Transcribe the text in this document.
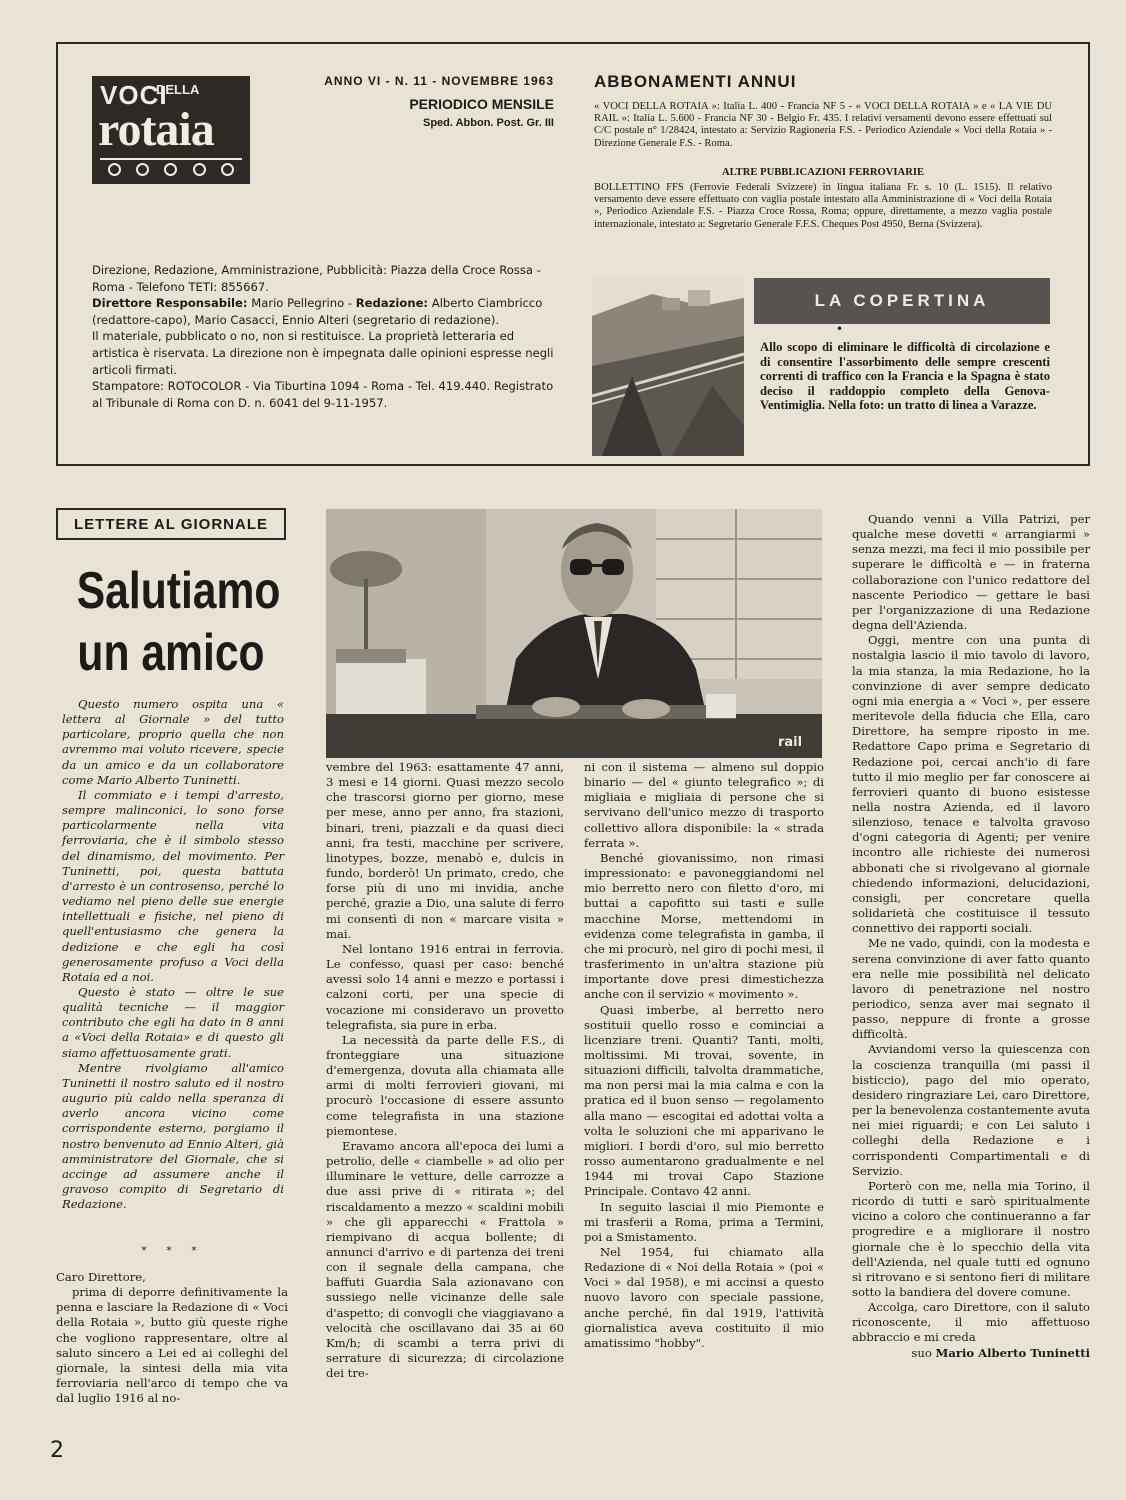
VOCI
DELLA
rotaia
ANNO VI - N. 11 - NOVEMBRE 1963
PERIODICO MENSILE
Sped. Abbon. Post. Gr. III

Direzione, Redazione, Amministrazione, Pubblicità: Piazza della Croce Rossa - Roma - Telefono TETI: 855667.

Direttore Responsabile: Mario Pellegrino - Redazione: Alberto Ciambricco (redattore-capo), Mario Casacci, Ennio Alteri (segretario di redazione).

Il materiale, pubblicato o no, non si restituisce. La proprietà letteraria ed artistica è riservata. La direzione non è impegnata dalle opinioni espresse negli articoli firmati.

Stampatore: ROTOCOLOR - Via Tiburtina 1094 - Roma - Tel. 419.440. Registrato al Tribunale di Roma con D. n. 6041 del 9-11-1957.

ABBONAMENTI ANNUI
« VOCI DELLA ROTAIA »: Italia L. 400 - Francia NF 5 - « VOCI DELLA ROTAIA » e « LA VIE DU RAIL »: Italia L. 5.600 - Francia NF 30 - Belgio Fr. 435. I relativi versamenti devono essere effettuati sul C/C postale n° 1/28424, intestato a: Servizio Ragioneria F.S. - Periodico Aziendale « Voci della Rotaia » - Direzione Generale F.S. - Roma.
ALTRE PUBBLICAZIONI FERROVIARIE
BOLLETTINO FFS (Ferrovie Federali Svizzere) in lingua italiana Fr. s. 10 (L. 1515). Il relativo versamento deve essere effettuato con vaglia postale intestato alla Amministrazione di « Voci della Rotaia », Periodico Aziendale F.S. - Piazza Croce Rossa, Roma; oppure, direttamente, a mezzo vaglia postale internazionale, intestato a: Segretario Generale F.F.S. Cheques Post 4950, Berna (Svizzera).
LA COPERTINA
•
Allo scopo di eliminare le difficoltà di circolazione e di consentire l'assorbimento delle sempre crescenti correnti di traffico con la Francia e la Spagna è stato deciso il raddoppio completo della Genova-Ventimiglia. Nella foto: un tratto di linea a Varazze.
LETTERE AL GIORNALE
Salutiamo
un amico

Questo numero ospita una « lettera al Giornale » del tutto particolare, proprio quella che non avremmo mai voluto ricevere, specie da un amico e da un collaboratore come Mario Alberto Tuninetti.

Il commiato e i tempi d'arresto, sempre malinconici, lo sono forse particolarmente nella vita ferroviaria, che è il simbolo stesso del dinamismo, del movimento. Per Tuninetti, poi, questa battuta d'arresto è un controsenso, perché lo vediamo nel pieno delle sue energie intellettuali e fisiche, nel pieno di quell'entusiasmo che genera la dedizione e che egli ha così generosamente profuso a Voci della Rotaia ed a noi.

Questo è stato — oltre le sue qualità tecniche — il maggior contributo che egli ha dato in 8 anni a «Voci della Rotaia» e di questo gli siamo affettuosamente grati.

Mentre rivolgiamo all'amico Tuninetti il nostro saluto ed il nostro augurio più caldo nella speranza di averlo ancora vicino come corrispondente esterno, porgiamo il nostro benvenuto ad Ennio Alteri, già amministratore del Giornale, che si accinge ad assumere anche il gravoso compito di Segretario di Redazione.

* * *

Caro Direttore,

prima di deporre definitivamente la penna e lasciare la Redazione di « Voci della Rotaia », butto giù queste righe che vogliono rappresentare, oltre al saluto sincero a Lei ed ai colleghi del giornale, la sintesi della mia vita ferroviaria nell'arco di tempo che va dal luglio 1916 al no-

rail

vembre del 1963: esattamente 47 anni, 3 mesi e 14 giorni. Quasi mezzo secolo che trascorsi giorno per giorno, mese per mese, anno per anno, fra stazioni, binari, treni, piazzali e da quasi dieci anni, fra testi, macchine per scrivere, linotypes, bozze, menabò e, dulcis in fundo, borderò! Un primato, credo, che forse più di uno mi invidia, anche perché, grazie a Dio, una salute di ferro mi consentì di non « marcare visita » mai.

Nel lontano 1916 entrai in ferrovia. Le confesso, quasi per caso: benché avessi solo 14 anni e mezzo e portassi i calzoni corti, per una specie di vocazione mi consideravo un provetto telegrafista, sia pure in erba.

La necessità da parte delle F.S., di fronteggiare una situazione d'emergenza, dovuta alla chiamata alle armi di molti ferrovieri giovani, mi procurò l'occasione di essere assunto come telegrafista in una stazione piemontese.

Eravamo ancora all'epoca dei lumi a petrolio, delle « ciambelle » ad olio per illuminare le vetture, delle carrozze a due assi prive di « ritirata »; del riscaldamento a mezzo « scaldini mobili » che gli apparecchi « Frattola » riempivano di acqua bollente; di annunci d'arrivo e di partenza dei treni con il segnale della campana, che baffuti Guardia Sala azionavano con sussiego nelle vicinanze delle sale d'aspetto; di convogli che viaggiavano a velocità che oscillavano dai 35 ai 60 Km/h; di scambi a terra privi di serrature di sicurezza; di circolazione dei tre-

ni con il sistema — almeno sul doppio binario — del « giunto telegrafico »; di migliaia e migliaia di persone che si servivano dell'unico mezzo di trasporto collettivo allora disponibile: la « strada ferrata ».

Benché giovanissimo, non rimasi impressionato: e pavoneggiandomi nel mio berretto nero con filetto d'oro, mi buttai a capofitto sui tasti e sulle macchine Morse, mettendomi in evidenza come telegrafista in gamba, il che mi procurò, nel giro di pochi mesi, il trasferimento in un'altra stazione più importante dove presi dimestichezza anche con il servizio « movimento ».

Quasi imberbe, al berretto nero sostituii quello rosso e cominciai a licenziare treni. Quanti? Tanti, molti, moltissimi. Mi trovai, sovente, in situazioni difficili, talvolta drammatiche, ma non persi mai la mia calma e con la pratica ed il buon senso — regolamento alla mano — escogitai ed adottai volta a volta le soluzioni che mi apparivano le migliori. I bordi d'oro, sul mio berretto rosso aumentarono gradualmente e nel 1944 mi trovai Capo Stazione Principale. Contavo 42 anni.

In seguito lasciai il mio Piemonte e mi trasferii a Roma, prima a Termini, poi a Smistamento.

Nel 1954, fui chiamato alla Redazione di « Noi della Rotaia » (poi « Voci » dal 1958), e mi accinsi a questo nuovo lavoro con speciale passione, anche perché, fin dal 1919, l'attività giornalistica aveva costituito il mio amatissimo "hobby".

Quando venni a Villa Patrizi, per qualche mese dovetti « arrangiarmi » senza mezzi, ma feci il mio possibile per superare le difficoltà e — in fraterna collaborazione con l'unico redattore del nascente Periodico — gettare le basi per l'organizzazione di una Redazione degna dell'Azienda.

Oggi, mentre con una punta di nostalgia lascio il mio tavolo di lavoro, la mia stanza, la mia Redazione, ho la convinzione di aver sempre dedicato ogni mia energia a « Voci », per essere meritevole della fiducia che Ella, caro Direttore, ha sempre riposto in me. Redattore Capo prima e Segretario di Redazione poi, cercai anch'io di fare tutto il mio meglio per far conoscere ai ferrovieri quanto di buono esistesse nella nostra Azienda, ed il lavoro silenzioso, tenace e talvolta gravoso d'ogni categoria di Agenti; per venire incontro alle richieste dei numerosi abbonati che si rivolgevano al giornale chiedendo informazioni, delucidazioni, consigli, per concretare quella solidarietà che costituisce il tessuto connettivo dei rapporti sociali.

Me ne vado, quindi, con la modesta e serena convinzione di aver fatto quanto era nelle mie possibilità nel delicato lavoro di penetrazione nel nostro periodico, senza aver mai segnato il passo, neppure di fronte a grosse difficoltà.

Avviandomi verso la quiescenza con la coscienza tranquilla (mi passi il bisticcio), pago del mio operato, desidero ringraziare Lei, caro Direttore, per la benevolenza costantemente avuta nei miei riguardi; e con Lei saluto i colleghi della Redazione e i corrispondenti Compartimentali e di Servizio.

Porterò con me, nella mia Torino, il ricordo di tutti e sarò spiritualmente vicino a coloro che continueranno a far progredire e a migliorare il nostro giornale che è lo specchio della vita dell'Azienda, nel quale tutti ed ognuno si ritrovano e si sentono fieri di militare sotto la bandiera del dovere comune.

Accolga, caro Direttore, con il saluto riconoscente, il mio affettuoso abbraccio e mi creda

suo Mario Alberto Tuninetti

2
